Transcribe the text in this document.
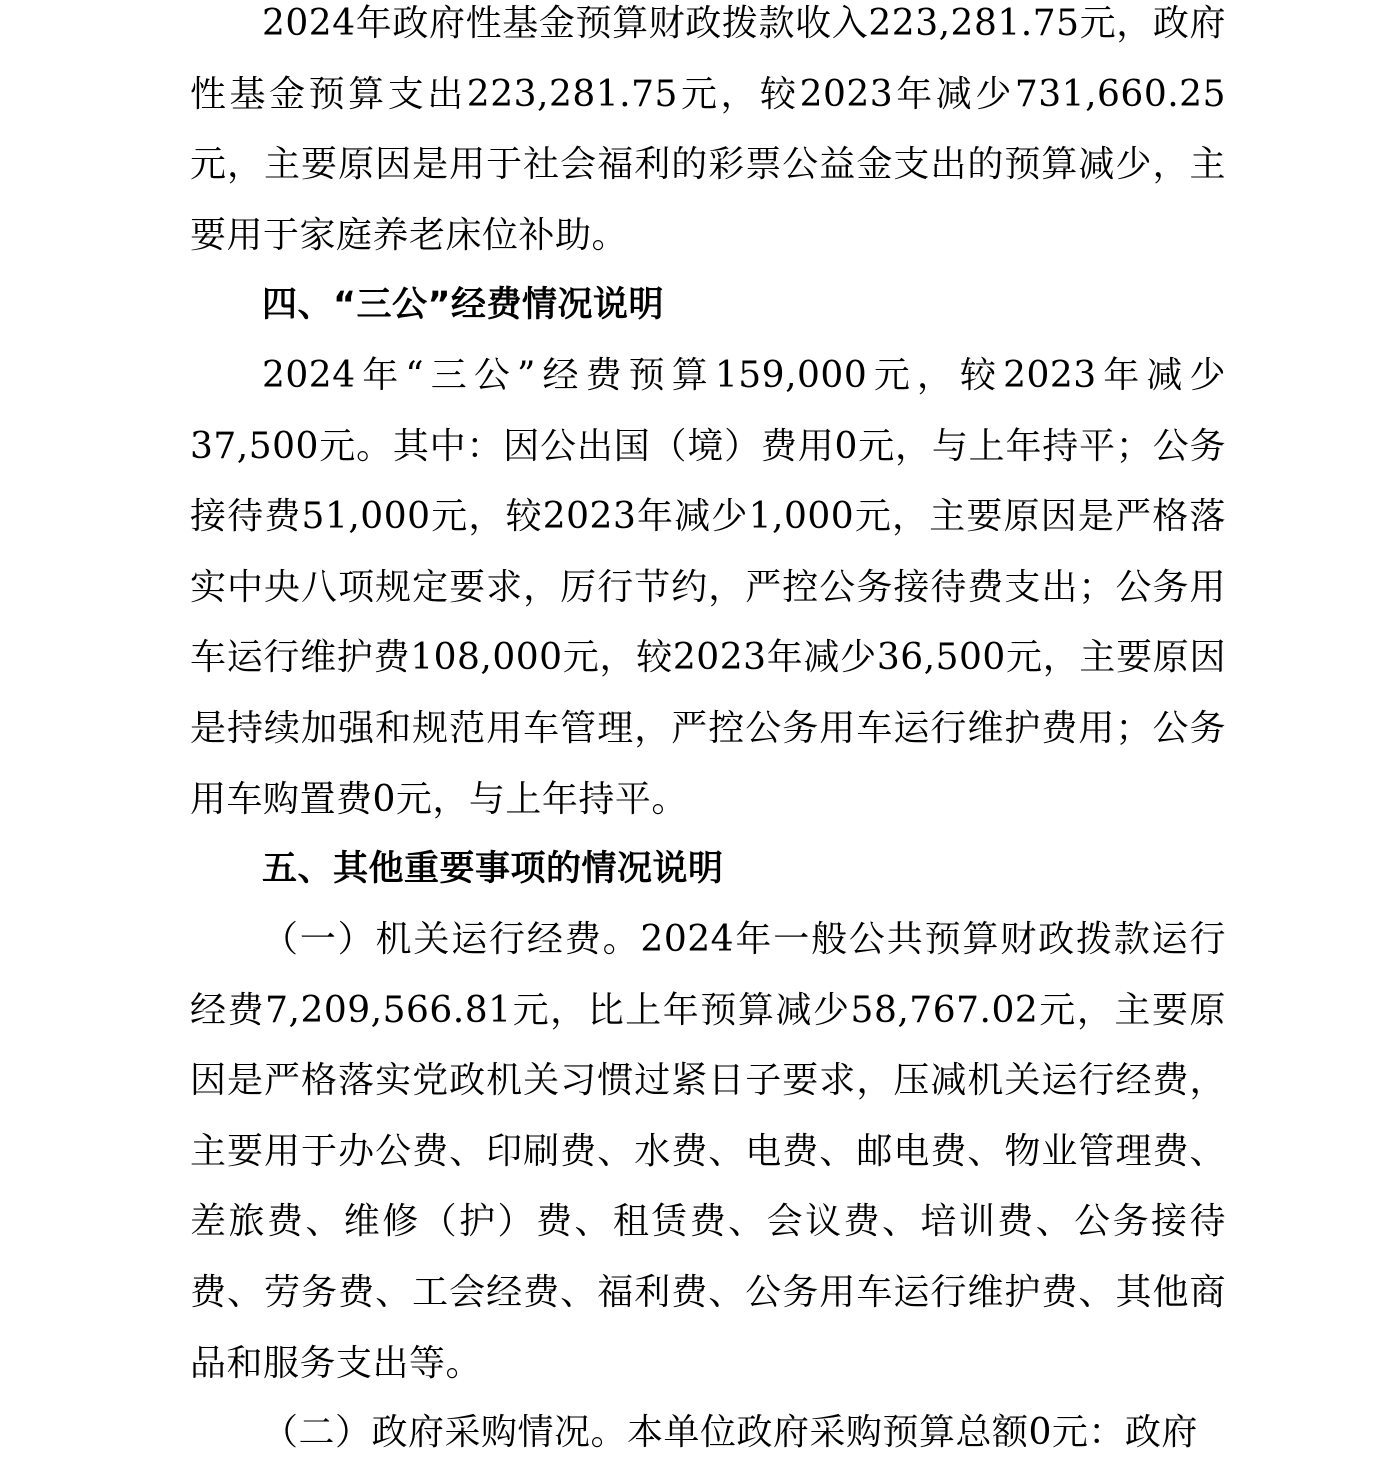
2024年政府性基金预算财政拨款收入223,281.75元，政府性基金预算支出223,281.75元，较2023年减少731,660.25元，主要原因是用于社会福利的彩票公益金支出的预算减少，主要用于家庭养老床位补助。

四、“三公”经费情况说明

2024年“三公”经费预算159,000元，较2023年减少37,500元。其中：因公出国（境）费用0元，与上年持平；公务接待费51,000元，较2023年减少1,000元，主要原因是严格落实中央八项规定要求，厉行节约，严控公务接待费支出；公务用车运行维护费108,000元，较2023年减少36,500元，主要原因是持续加强和规范用车管理，严控公务用车运行维护费用；公务用车购置费0元，与上年持平。

五、其他重要事项的情况说明

（一）机关运行经费。2024年一般公共预算财政拨款运行经费7,209,566.81元，比上年预算减少58,767.02元，主要原因是严格落实党政机关习惯过紧日子要求，压减机关运行经费，主要用于办公费、印刷费、水费、电费、邮电费、物业管理费、差旅费、维修（护）费、租赁费、会议费、培训费、公务接待费、劳务费、工会经费、福利费、公务用车运行维护费、其他商品和服务支出等。

（二）政府采购情况。本单位政府采购预算总额0元：政府
